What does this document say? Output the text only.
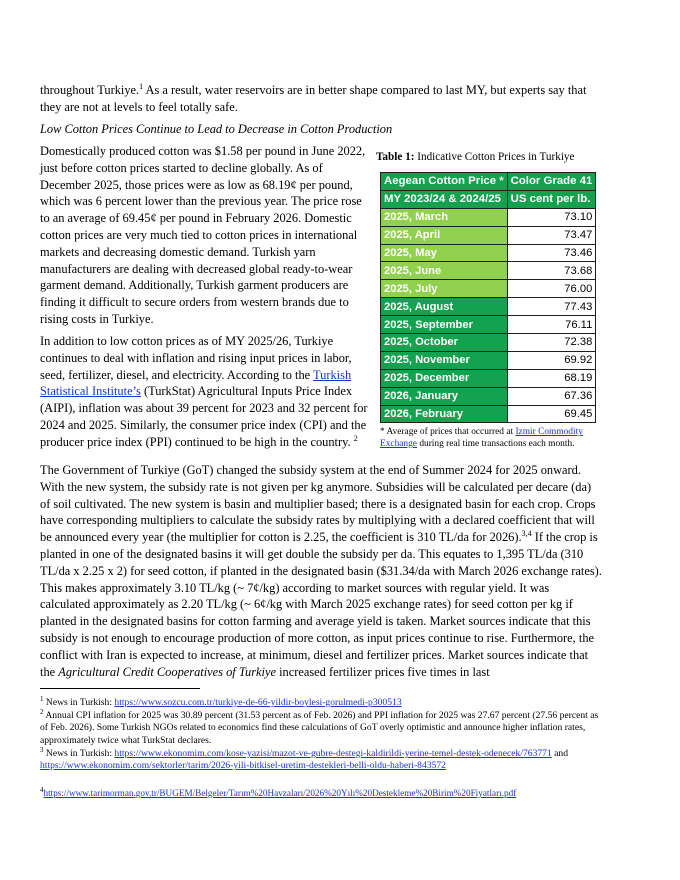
throughout Turkiye.$^1$ As a result, water reservoirs are in better shape compared to last MY, but experts say that they are not at levels to feel totally safe.

Low Cotton Prices Continue to Lead to Decrease in Cotton Production

Domestically produced cotton was $1.58 per pound in June 2022, just before cotton prices started to decline globally. As of December 2025, those prices were as low as 68.19¢ per pound, which was 6 percent lower than the previous year. The price rose to an average of 69.45¢ per pound in February 2026. Domestic cotton prices are very much tied to cotton prices in international markets and decreasing domestic demand. Turkish yarn manufacturers are dealing with decreased global ready-to-wear garment demand. Additionally, Turkish garment producers are finding it difficult to secure orders from western brands due to rising costs in Turkiye.

In addition to low cotton prices as of MY 2025/26, Turkiye continues to deal with inflation and rising input prices in labor, seed, fertilizer, diesel, and electricity. According to the Turkish Statistical Institute’s (TurkStat) Agricultural Inputs Price Index (AIPI), inflation was about 39 percent for 2023 and 32 percent for 2024 and 2025. Similarly, the consumer price index (CPI) and the producer price index (PPI) continued to be high in the country. $^2$

Table 1: Indicative Cotton Prices in Turkiye
Aegean Cotton Price *	Color Grade 41
MY 2023/24 & 2024/25	US cent per lb.
2025, March	73.10
2025, April	73.47
2025, May	73.46
2025, June	73.68
2025, July	76.00
2025, August	77.43
2025, September	76.11
2025, October	72.38
2025, November	69.92
2025, December	68.19
2026, January	67.36
2026, February	69.45
* Average of prices that occurred at Izmir Commodity Exchange during real time transactions each month.

The Government of Turkiye (GoT) changed the subsidy system at the end of Summer 2024 for 2025 onward. With the new system, the subsidy rate is not given per kg anymore. Subsidies will be calculated per decare (da) of soil cultivated. The new system is basin and multiplier based; there is a designated basin for each crop. Crops have corresponding multipliers to calculate the subsidy rates by multiplying with a declared coefficient that will be announced every year (the multiplier for cotton is 2.25, the coefficient is 310 TL/da for 2026).$^{3,4}$ If the crop is planted in one of the designated basins it will get double the subsidy per da. This equates to 1,395 TL/da (310 TL/da x 2.25 x 2) for seed cotton, if planted in the designated basin ($31.34/da with March 2026 exchange rates). This makes approximately 3.10 TL/kg (~ 7¢/kg) according to market sources with regular yield. It was calculated approximately as 2.20 TL/kg (~ 6¢/kg with March 2025 exchange rates) for seed cotton per kg if planted in the designated basins for cotton farming and average yield is taken. Market sources indicate that this subsidy is not enough to encourage production of more cotton, as input prices continue to rise. Furthermore, the conflict with Iran is expected to increase, at minimum, diesel and fertilizer prices. Market sources indicate that the Agricultural Credit Cooperatives of Turkiye increased fertilizer prices five times in last

$^1$ News in Turkish: https://www.sozcu.com.tr/turkiye-de-66-yildir-boylesi-gorulmedi-p300513

$^2$ Annual CPI inflation for 2025 was 30.89 percent (31.53 percent as of Feb. 2026) and PPI inflation for 2025 was 27.67 percent (27.56 percent as of Feb. 2026). Some Turkish NGOs related to economics find these calculations of GoT overly optimistic and announce higher inflation rates, approximately twice what TurkStat declares.

$^3$ News in Turkish: https://www.ekonomim.com/kose-yazisi/mazot-ve-gubre-destegi-kaldirildi-yerine-temel-destek-odenecek/763771 and https://www.ekonomim.com/sektorler/tarim/2026-yili-bitkisel-uretim-destekleri-belli-oldu-haberi-843572

$^4$https://www.tarimorman.gov.tr/BUGEM/Belgeler/Tarım%20Havzaları/2026%20Yılı%20Destekleme%20Birim%20Fiyatları.pdf
